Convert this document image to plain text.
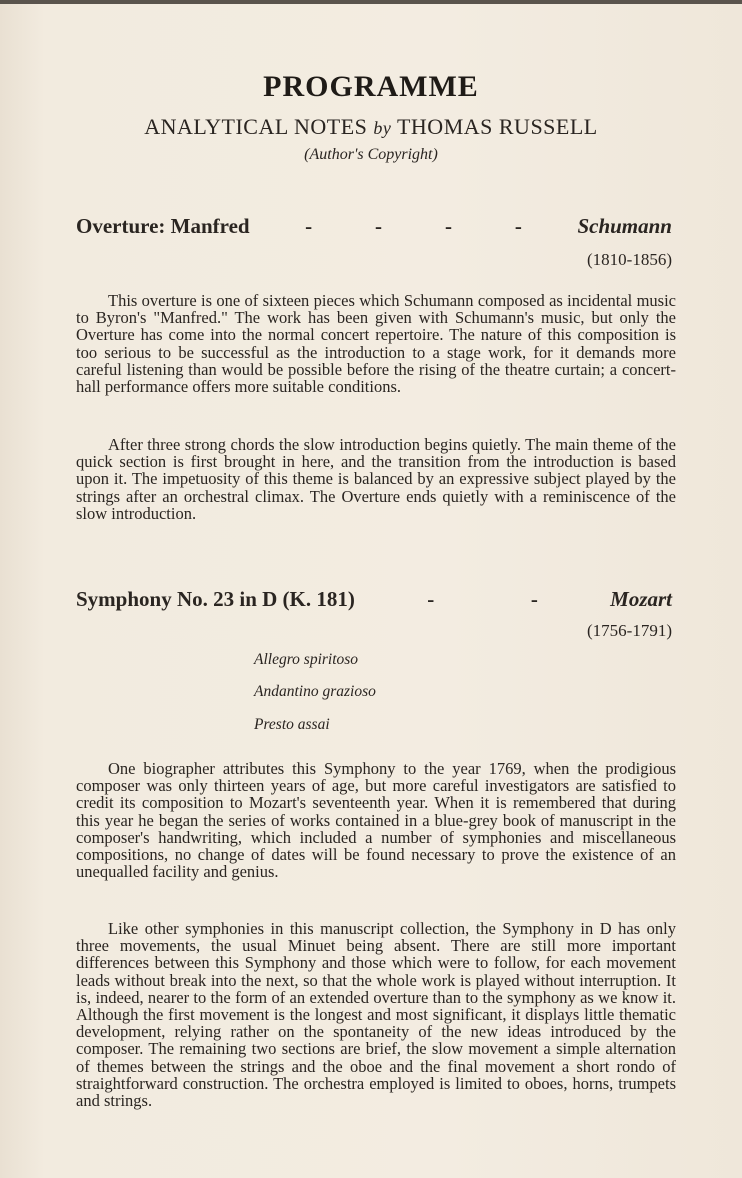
PROGRAMME
ANALYTICAL NOTES by THOMAS RUSSELL
(Author's Copyright)
Overture: Manfred	-	-	-	-	Schumann
(1810-1856)

This overture is one of sixteen pieces which Schumann composed as incidental music to Byron's "Manfred." The work has been given with Schumann's music, but only the Overture has come into the normal concert repertoire. The nature of this composition is too serious to be successful as the introduction to a stage work, for it demands more careful listening than would be possible before the rising of the theatre curtain; a concert-hall performance offers more suitable conditions.

After three strong chords the slow introduction begins quietly. The main theme of the quick section is first brought in here, and the transition from the introduction is based upon it. The impetuosity of this theme is balanced by an expressive subject played by the strings after an orchestral climax. The Overture ends quietly with a reminiscence of the slow introduction.

Symphony No. 23 in D (K. 181)	-	-	Mozart
(1756-1791)
Allegro spiritoso
Andantino grazioso
Presto assai

One biographer attributes this Symphony to the year 1769, when the prodigious composer was only thirteen years of age, but more careful investigators are satisfied to credit its composition to Mozart's seventeenth year. When it is remembered that during this year he began the series of works contained in a blue-grey book of manuscript in the composer's handwriting, which included a number of symphonies and miscellaneous compositions, no change of dates will be found necessary to prove the existence of an unequalled facility and genius.

Like other symphonies in this manuscript collection, the Symphony in D has only three movements, the usual Minuet being absent. There are still more important differences between this Symphony and those which were to follow, for each movement leads without break into the next, so that the whole work is played without interruption. It is, indeed, nearer to the form of an extended overture than to the symphony as we know it. Although the first movement is the longest and most significant, it displays little thematic development, relying rather on the spontaneity of the new ideas introduced by the composer. The remaining two sections are brief, the slow movement a simple alternation of themes between the strings and the oboe and the final movement a short rondo of straightforward construction. The orchestra employed is limited to oboes, horns, trumpets and strings.
